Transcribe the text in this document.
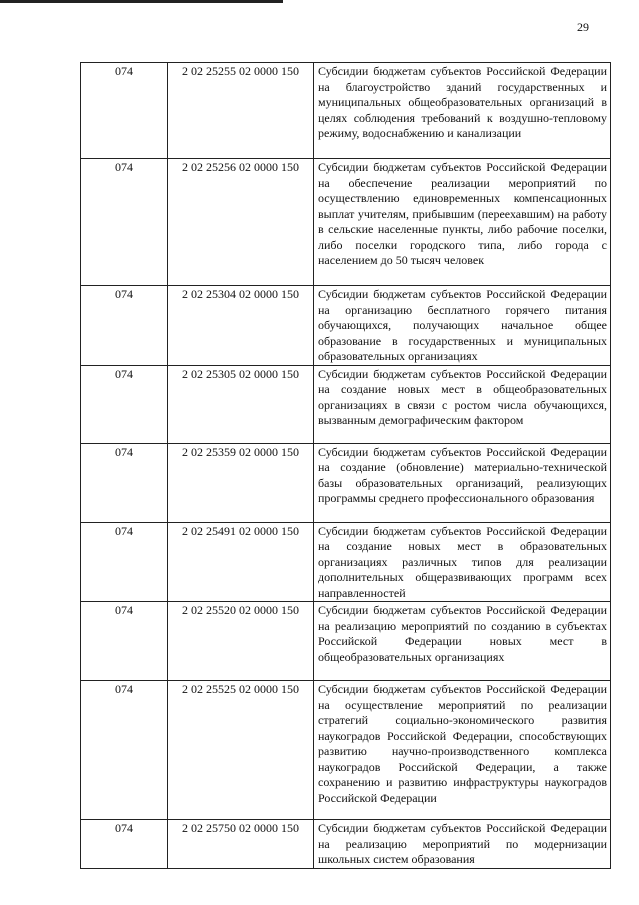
29
074	2 02 25255 02 0000 150	Субсидии бюджетам субъектов Российской Федерации на благоустройство зданий государственных и муниципальных общеобразовательных организаций в целях соблюдения требований к воздушно-тепловому режиму, водоснабжению и канализации

074	2 02 25256 02 0000 150	Субсидии бюджетам субъектов Российской Федерации на обеспечение реализации мероприятий по осуществлению единовременных компенсационных выплат учителям, прибывшим (переехавшим) на работу в сельские населенные пункты, либо рабочие поселки, либо поселки городского типа, либо города с населением до 50 тысяч человек

074	2 02 25304 02 0000 150	Субсидии бюджетам субъектов Российской Федерации на организацию бесплатного горячего питания обучающихся, получающих начальное общее образование в государственных и муниципальных образовательных организациях

074	2 02 25305 02 0000 150	Субсидии бюджетам субъектов Российской Федерации на создание новых мест в общеобразовательных организациях в связи с ростом числа обучающихся, вызванным демографическим фактором

074	2 02 25359 02 0000 150	Субсидии бюджетам субъектов Российской Федерации на создание (обновление) материально-технической базы образовательных организаций, реализующих программы среднего профессионального образования

074	2 02 25491 02 0000 150	Субсидии бюджетам субъектов Российской Федерации на создание новых мест в образовательных организациях различных типов для реализации дополнительных общеразвивающих программ всех направленностей

074	2 02 25520 02 0000 150	Субсидии бюджетам субъектов Российской Федерации на реализацию мероприятий по созданию в субъектах Российской Федерации новых мест в общеобразовательных организациях

074	2 02 25525 02 0000 150	Субсидии бюджетам субъектов Российской Федерации на осуществление мероприятий по реализации стратегий социально-экономического развития наукоградов Российской Федерации, способствующих развитию научно-производственного комплекса наукоградов Российской Федерации, а также сохранению и развитию инфраструктуры наукоградов Российской Федерации

074	2 02 25750 02 0000 150	Субсидии бюджетам субъектов Российской Федерации на реализацию мероприятий по модернизации школьных систем образования
